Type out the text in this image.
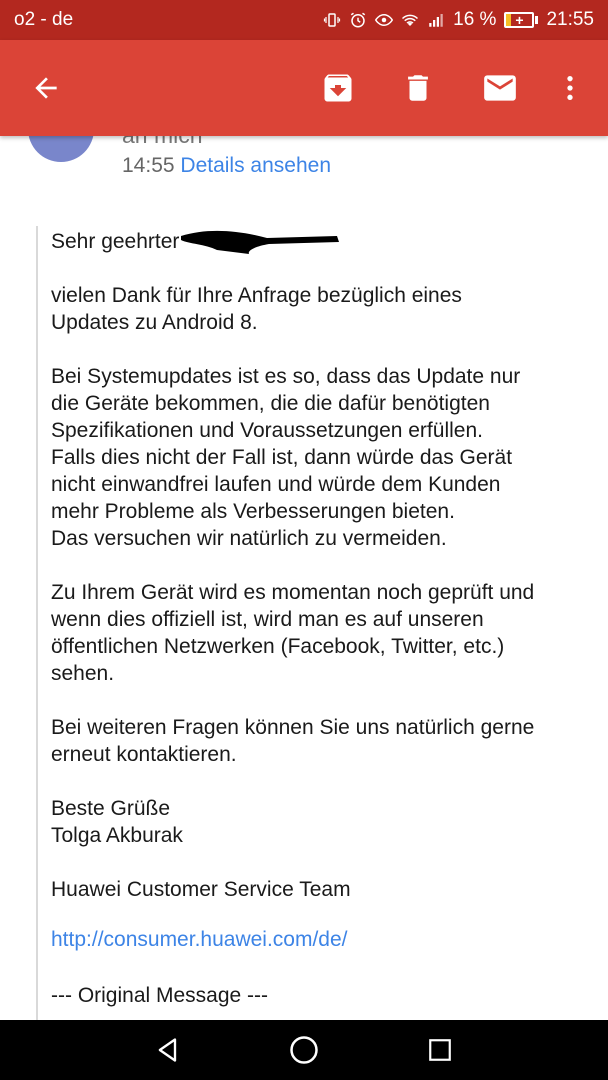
o2 - de	16 %	+	21:55
14:55 Details ansehen

Sehr geehrter

vielen Dank für Ihre Anfrage bezüglich eines
Updates zu Android 8.

Bei Systemupdates ist es so, dass das Update nur
die Geräte bekommen, die die dafür benötigten
Spezifikationen und Voraussetzungen erfüllen.
Falls dies nicht der Fall ist, dann würde das Gerät
nicht einwandfrei laufen und würde dem Kunden
mehr Probleme als Verbesserungen bieten.
Das versuchen wir natürlich zu vermeiden.

Zu Ihrem Gerät wird es momentan noch geprüft und
wenn dies offiziell ist, wird man es auf unseren
öffentlichen Netzwerken (Facebook, Twitter, etc.)
sehen.

Bei weiteren Fragen können Sie uns natürlich gerne
erneut kontaktieren.

Beste Grüße
Tolga Akburak

Huawei Customer Service Team

http://consumer.huawei.com/de/

--- Original Message ---
